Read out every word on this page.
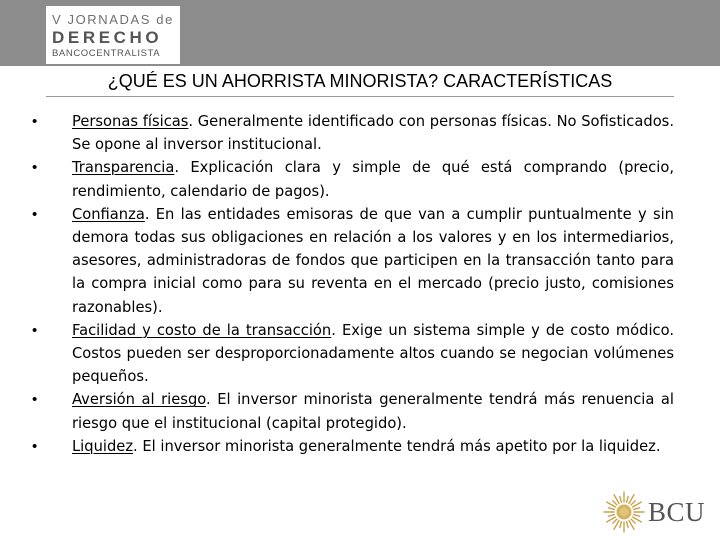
V JORNADAS de
DERECHO
BANCOCENTRALISTA
¿QUÉ ES UN AHORRISTA MINORISTA? CARACTERÍSTICAS
• Personas físicas. Generalmente identificado con personas físicas. No Sofisticados. Se opone al inversor institucional.
• Transparencia. Explicación clara y simple de qué está comprando (precio, rendimiento, calendario de pagos).
• Confianza. En las entidades emisoras de que van a cumplir puntualmente y sin demora todas sus obligaciones en relación a los valores y en los intermediarios, asesores, administradoras de fondos que participen en la transacción tanto para la compra inicial como para su reventa en el mercado (precio justo, comisiones razonables).
• Facilidad y costo de la transacción. Exige un sistema simple y de costo módico. Costos pueden ser desproporcionadamente altos cuando se negocian volúmenes pequeños.
• Aversión al riesgo. El inversor minorista generalmente tendrá más renuencia al riesgo que el institucional (capital protegido).
• Liquidez. El inversor minorista generalmente tendrá más apetito por la liquidez.
BCU
